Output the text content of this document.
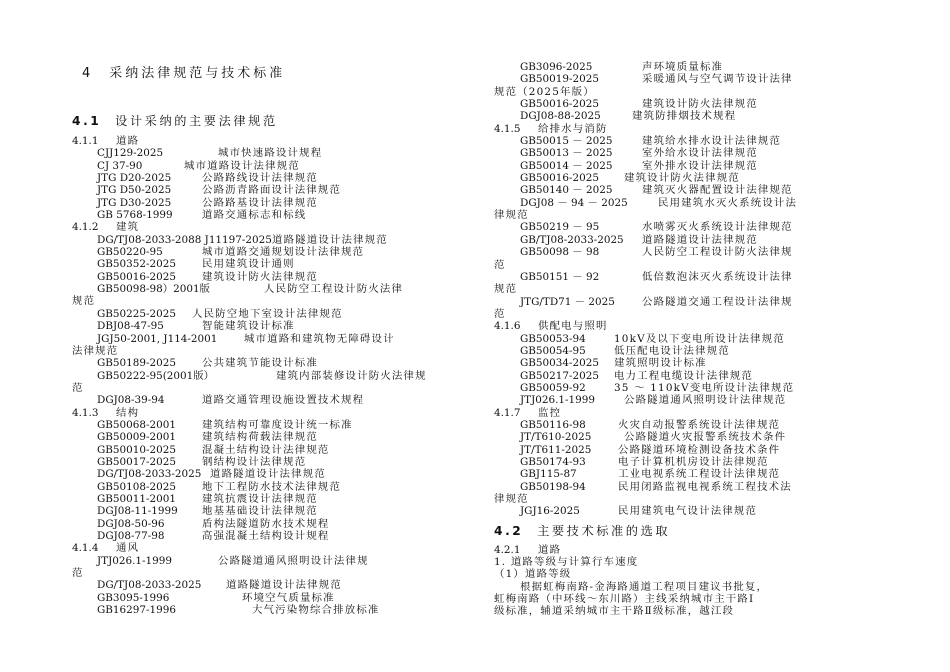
4 采纳法律规范与技术标准
4.1 设计采纳的主要法律规范
4.1.1 道路
CJJ129-2025	城市快速路设计规程
CJ 37-90	城市道路设计法律规范
JTG D20-2025	公路路线设计法律规范
JTG D50-2025	公路沥青路面设计法律规范
JTG D30-2025	公路路基设计法律规范
GB 5768-1999	道路交通标志和标线
4.1.2 建筑
DG/TJ08-2033-2088 J11197-2025 道路隧道设计法律规范
GB50220-95	城市道路交通规划设计法律规范
GB50352-2025	民用建筑设计通则
GB50016-2025	建筑设计防火法律规范
GB50098-98）2001版	人民防空工程设计防火法律
规范
GB50225-2025 人民防空地下室设计法律规范
DBJ08-47-95	智能建筑设计标准
JGJ50-2001, J114-2001	城市道路和建筑物无障碍设计
法律规范
GB50189-2025	公共建筑节能设计标准
GB50222-95(2001版）	建筑内部装修设计防火法律规
范
DGJ08-39-94	道路交通管理设施设置技术规程
4.1.3 结构
GB50068-2001	建筑结构可靠度设计统一标准
GB50009-2001	建筑结构荷载法律规范
GB50010-2025	混凝土结构设计法律规范
GB50017-2025	钢结构设计法律规范
DG/TJ08-2033-2025 道路隧道设计法律规范
GB50108-2025	地下工程防水技术法律规范
GB50011-2001	建筑抗震设计法律规范
DGJ08-11-1999 地基基础设计法律规范
DGJ08-50-96	盾构法隧道防水技术规程
DGJ08-77-98	高强混凝土结构设计规程
4.1.4 通风
JTJ026.1-1999	公路隧道通风照明设计法律规
范
DG/TJ08-2033-2025 道路隧道设计法律规范
GB3095-1996	环境空气质量标准
GB16297-1996	大气污染物综合排放标准
GB3096-2025	声环境质量标准
GB50019-2025	采暖通风与空气调节设计法律
规范（2025年版）
GB50016-2025	建筑设计防火法律规范
DGJ08-88-2025	建筑防排烟技术规程
4.1.5 给排水与消防
GB50015 － 2025	建筑给水排水设计法律规范
GB50013 － 2025	室外给水设计法律规范
GB50014 － 2025	室外排水设计法律规范
GB50016-2025 建筑设计防火法律规范
GB50140 － 2025	建筑灭火器配置设计法律规范
DGJ08 － 94 － 2025	民用建筑水灭火系统设计法
律规范
GB50219 － 95	水喷雾灭火系统设计法律规范
GB/TJ08-2033-2025 道路隧道设计法律规范
GB50098 － 98	人民防空工程设计防火法律规
范
GB50151 － 92	低倍数泡沫灭火系统设计法律
规范
JTG/TD71 － 2025	公路隧道交通工程设计法律规
范
4.1.6 供配电与照明
GB50053-94	10kV及以下变电所设计法律规范
GB50054-95	低压配电设计法律规范
GB50034-2025 建筑照明设计标准
GB50217-2025 电力工程电缆设计法律规范
GB50059-92	35 ～ 110kV变电所设计法律规范
JTJ026.1-1999	公路隧道通风照明设计法律规范
4.1.7 监控
GB50116-98	火灾自动报警系统设计法律规范
JT/T610-2025	公路隧道火灾报警系统技术条件
JT/T611-2025	公路隧道环境检测设备技术条件
GB50174-93	电子计算机机房设计法律规范
GBJ115-87	工业电视系统工程设计法律规范
GB50198-94	民用闭路监视电视系统工程技术法
律规范
JGJ16-2025	民用建筑电气设计法律规范
4.2 主要技术标准的选取
4.2.1 道路
1. 道路等级与计算行车速度
（1）道路等级
根据虹梅南路-金海路通道工程项目建议书批复，
虹梅南路（中环线～东川路）主线采纳城市主干路Ⅰ
级标准，辅道采纳城市主干路Ⅱ级标准，越江段
